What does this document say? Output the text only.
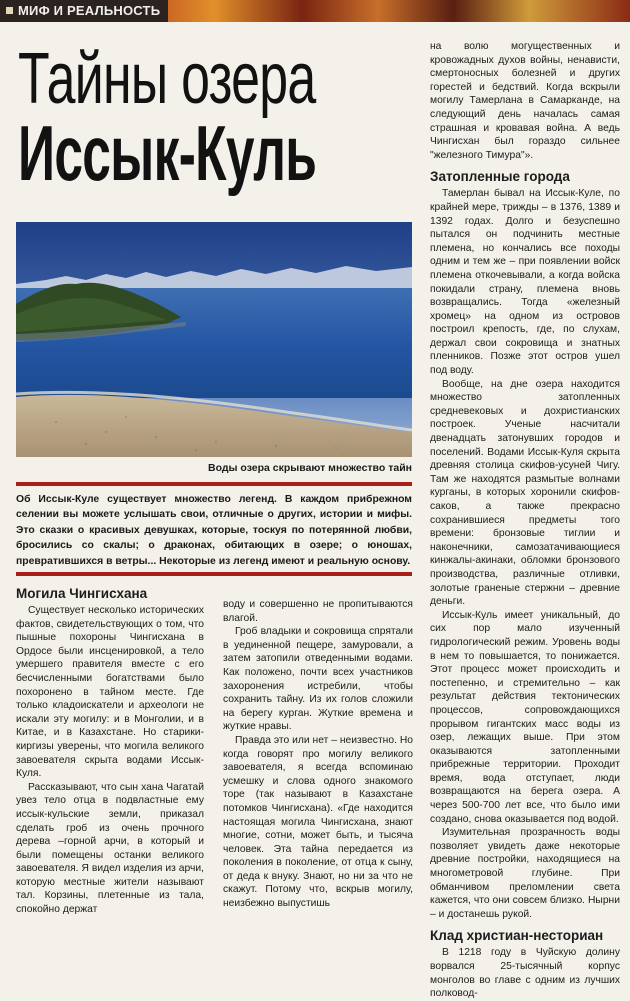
МИФ И РЕАЛЬНОСТЬ
Тайны озера
Иссык-Куль
Воды озера скрывают множество тайн
Об Иссык-Куле существует множество легенд. В каждом прибрежном селении вы можете услышать свои, отличные о других, истории и мифы. Это сказки о красивых девушках, которые, тоскуя по потерянной любви, бросились со скалы; о драконах, обитающих в озере; о юношах, превратившихся в ветры... Некоторые из легенд имеют и реальную основу.
Могила Чингисхана

Существует несколько исторических фактов, свидетельствующих о том, что пышные похороны Чингисхана в Ордосе были инсценировкой, а тело умершего правителя вместе с его бесчисленными богатствами было похоронено в тайном месте. Где только кладоискатели и археологи не искали эту могилу: и в Монголии, и в Китае, и в Казахстане. Но старики-киргизы уверены, что могила великого завоевателя скрыта водами Иссык-Куля.

Рассказывают, что сын хана Чагатай увез тело отца в подвластные ему иссык-кульские земли, приказал сделать гроб из очень прочного дерева –горной арчи, в который и были помещены останки великого завоевателя. Я видел изделия из арчи, которую местные жители называют тал. Корзины, плетенные из тала, спокойно держат

воду и совершенно не пропитываются влагой.

Гроб владыки и сокровища спрятали в уединенной пещере, замуровали, а затем затопили отведенными водами. Как положено, почти всех участников захоронения истребили, чтобы сохранить тайну. Из их голов сложили на берегу курган. Жуткие времена и жуткие нравы.

Правда это или нет – неизвестно. Но когда говорят про могилу великого завоевателя, я всегда вспоминаю усмешку и слова одного знакомого торе (так называют в Казахстане потомков Чингисхана). «Где находится настоящая могила Чингисхана, знают многие, сотни, может быть, и тысяча человек. Эта тайна передается из поколения в поколение, от отца к сыну, от деда к внуку. Знают, но ни за что не скажут. Потому что, вскрыв могилу, неизбежно выпустишь

на волю могущественных и кровожадных духов войны, ненависти, смертоносных болезней и других горестей и бедствий. Когда вскрыли могилу Тамерлана в Самарканде, на следующий день началась самая страшная и кровавая война. А ведь Чингисхан был гораздо сильнее "железного Тимура"».

Затопленные города

Тамерлан бывал на Иссык-Куле, по крайней мере, трижды – в 1376, 1389 и 1392 годах. Долго и безуспешно пытался он подчинить местные племена, но кончались все походы одним и тем же – при появлении войск племена откочевывали, а когда войска покидали страну, племена вновь возвращались. Тогда «железный хромец» на одном из островов построил крепость, где, по слухам, держал свои сокровища и знатных пленников. Позже этот остров ушел под воду.

Вообще, на дне озера находится множество затопленных средневековых и дохристианских построек. Ученые насчитали двенадцать затонувших городов и поселений. Водами Иссык-Куля скрыта древняя столица скифов-усуней Чигу. Там же находятся размытые волнами курганы, в которых хоронили скифов-саков, а также прекрасно сохранившиеся предметы того времени: бронзовые тиглии и наконечники, самозатачивающиеся кинжалы-акинаки, обломки бронзового производства, различные отливки, золотые граненые стержни – древние деньги.

Иссык-Куль имеет уникальный, до сих пор мало изученный гидрологический режим. Уровень воды в нем то повышается, то понижается. Этот процесс может происходить и постепенно, и стремительно – как результат действия тектонических процессов, сопровождающихся прорывом гигантских масс воды из озер, лежащих выше. При этом оказываются затопленными прибрежные территории. Проходит время, вода отступает, люди возвращаются на берега озера. А через 500-700 лет все, что было ими создано, снова оказывается под водой.

Изумительная прозрачность воды позволяет увидеть даже некоторые древние постройки, находящиеся на многометровой глубине. При обманчивом преломлении света кажется, что они совсем близко. Нырни – и достанешь рукой.

Клад христиан-несториан

В 1218 году в Чуйскую долину ворвался 25-тысячный корпус монголов во главе с одним из лучших полковод-
